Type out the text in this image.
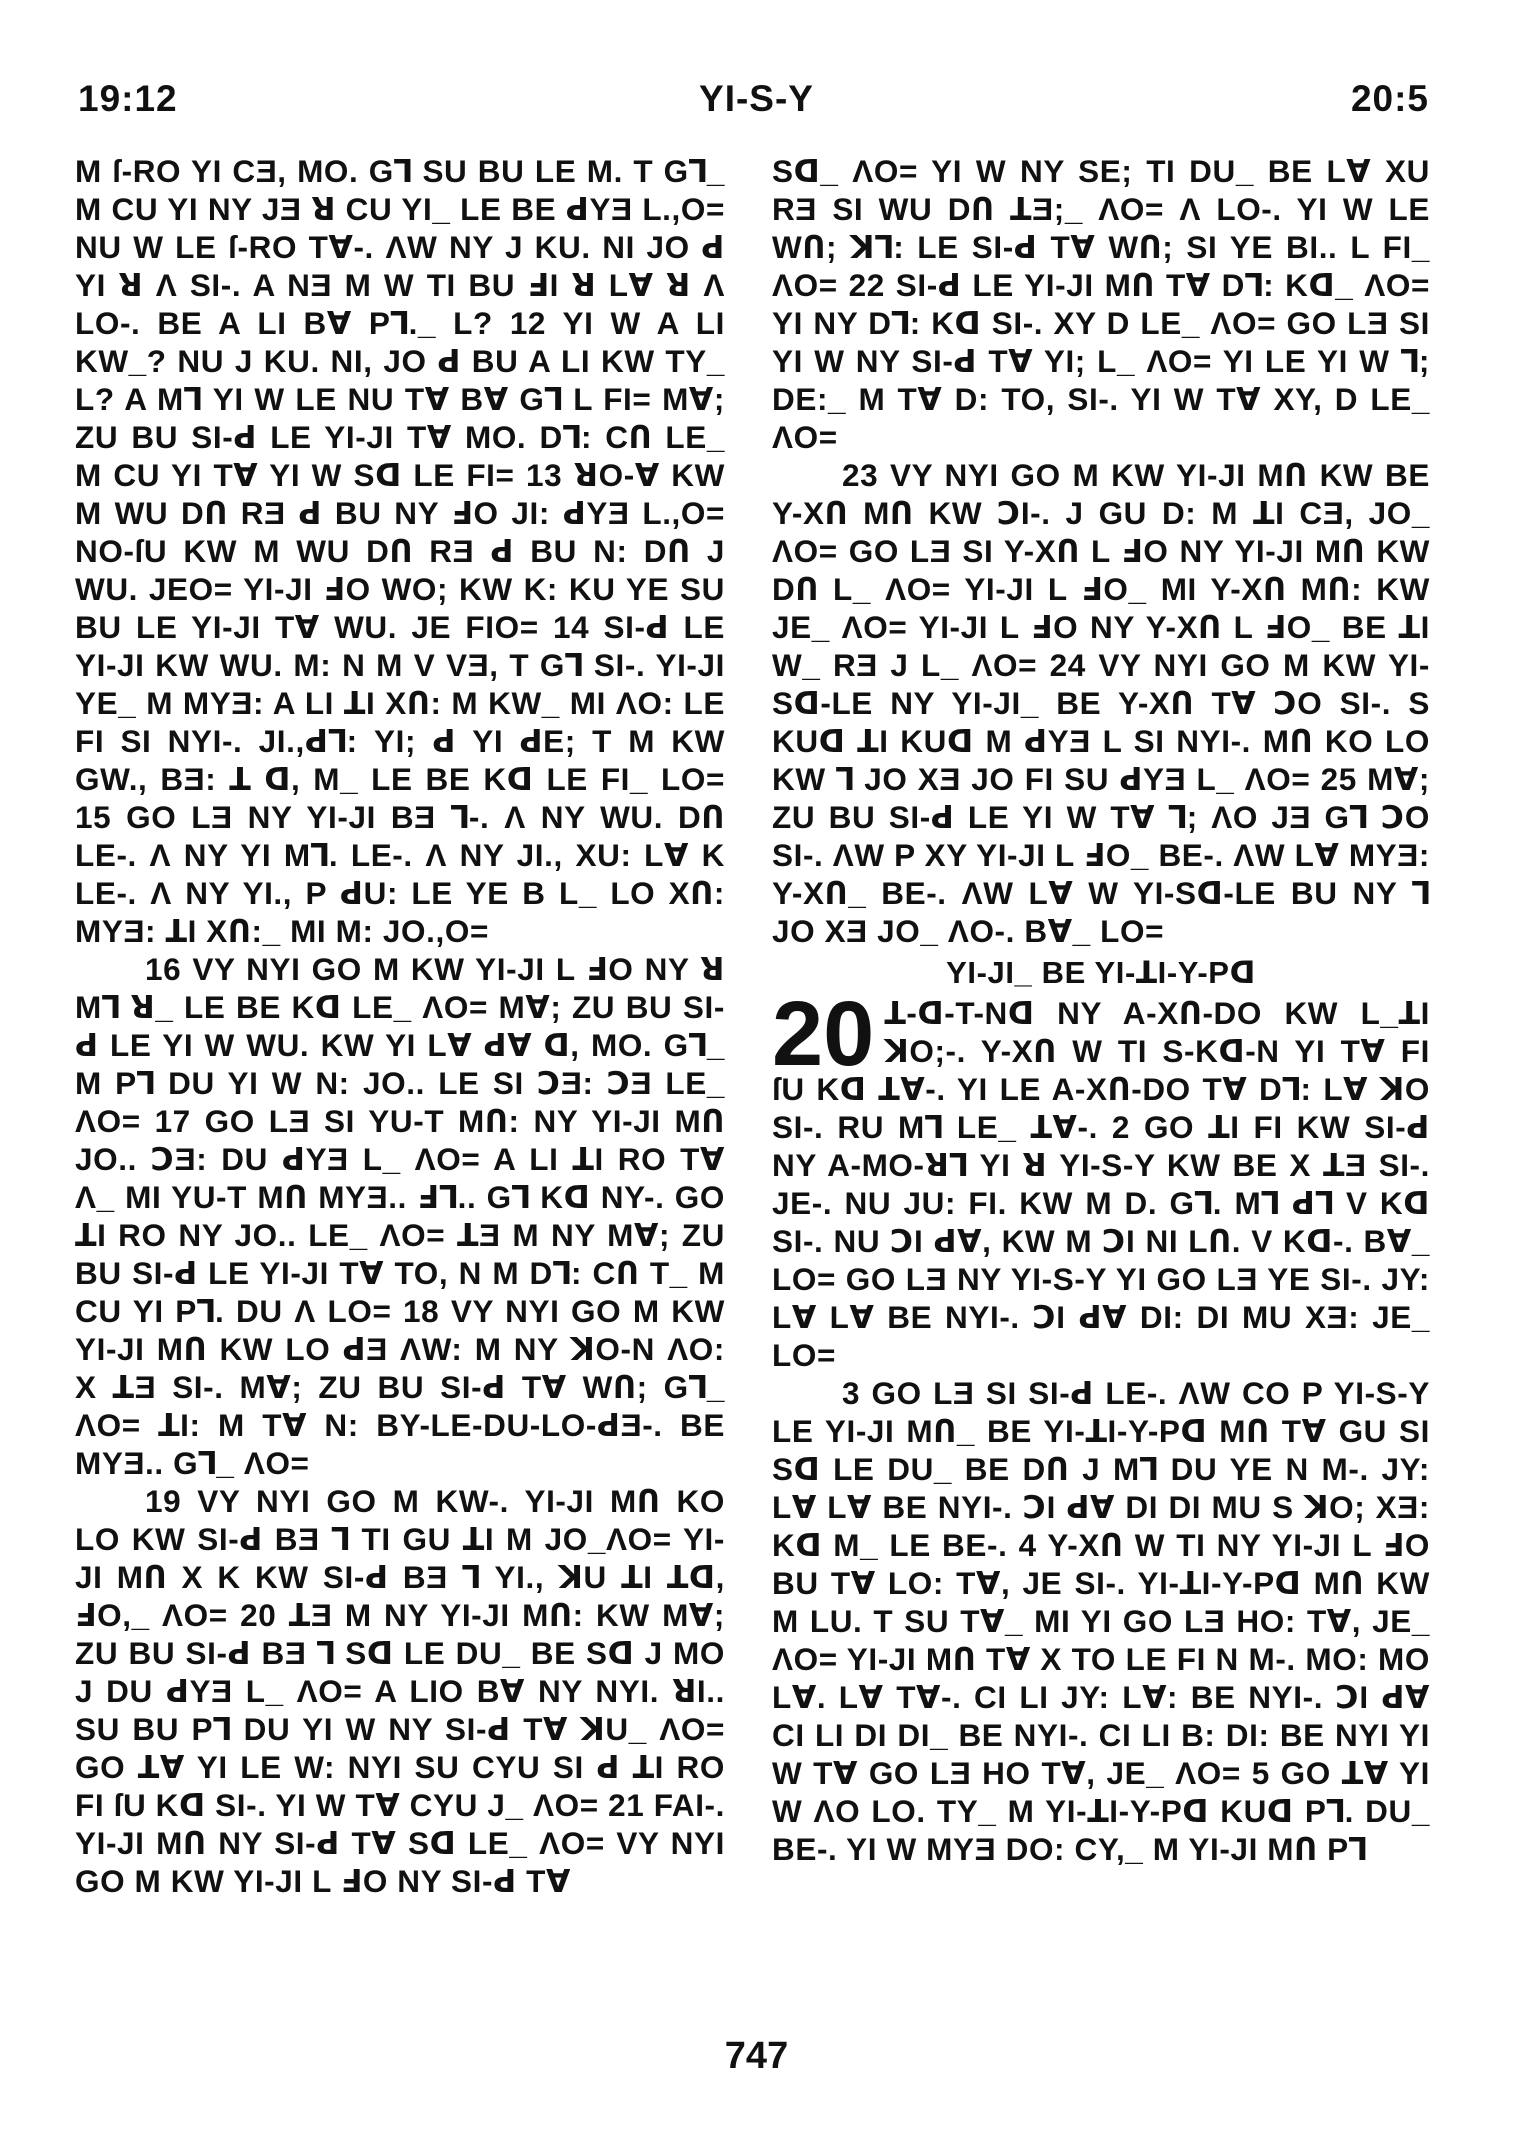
19:12	YI-S-Y	20:5

M ſ-RO YI CƎ, MO. Gꓶ SU BU LE M. T Gꓶ_ M CU YI NY JƎ ꓤ CU YI_ LE BE ꓒYƎ L.,O= NU W LE ſ-RO TⱯ-. ɅW NY J KU. NI JO ꓒ YI ꓤ Ʌ SI-. A NƎ M W TI BU ꓞI ꓤ LⱯ ꓤ Ʌ LO-. BE A LI BⱯ Pꓶ._ L? 12 YI W A LI KW_? NU J KU. NI, JO ꓒ BU A LI KW TY_ L? A Mꓶ YI W LE NU TⱯ BⱯ Gꓶ L FI= MⱯ; ZU BU SI-ꓒ LE YI-JI TⱯ MO. Dꓶ: CՈ LE_ M CU YI TⱯ YI W Sꓷ LE FI= 13 ꓤO-Ɐ KW M WU DՈ RƎ ꓒ BU NY ꓞO JI: ꓒYƎ L.,O= NO-ſU KW M WU DՈ RƎ ꓒ BU N: DՈ J WU. JEO= YI-JI ꓞO WO; KW K: KU YE SU BU LE YI-JI TⱯ WU. JE FIO= 14 SI-ꓒ LE YI-JI KW WU. M: N M V VƎ, T Gꓶ SI-. YI-JI YE_ M MYƎ: A LI ꓕI XՈ: M KW_ MI ɅO: LE FI SI NYI-. JI.,ꓒꓶ: YI; ꓒ YI ꓒE; T M KW GW., BƎ: ꓕ ꓷ, M_ LE BE Kꓷ LE FI_ LO= 15 GO LƎ NY YI-JI BƎ ꓶ-. Ʌ NY WU. DՈ LE-. Ʌ NY YI Mꓶ. LE-. Ʌ NY JI., XU: LⱯ K LE-. Ʌ NY YI., P ꓒU: LE YE B L_ LO XՈ: MYƎ: ꓕI XՈ:_ MI M: JO.,O=

16 VY NYI GO M KW YI-JI L ꓞO NY ꓤ Mꓶ ꓤ_ LE BE Kꓷ LE_ ɅO= MⱯ; ZU BU SI-ꓒ LE YI W WU. KW YI LⱯ ꓒⱯ ꓷ, MO. Gꓶ_ M Pꓶ DU YI W N: JO.. LE SI ꓛƎ: ꓛƎ LE_ ɅO= 17 GO LƎ SI YU-T MՈ: NY YI-JI MՈ JO.. ꓛƎ: DU ꓒYƎ L_ ɅO= A LI ꓕI RO TⱯ Ʌ_ MI YU-T MՈ MYƎ.. ꓞꓶ.. Gꓶ Kꓷ NY-. GO ꓕI RO NY JO.. LE_ ɅO= ꓕƎ M NY MⱯ; ZU BU SI-ꓒ LE YI-JI TⱯ TO, N M Dꓶ: CՈ T_ M CU YI Pꓶ. DU Ʌ LO= 18 VY NYI GO M KW YI-JI MՈ KW LO ꓒƎ ɅW: M NY ꓘO-N ɅO: X ꓕƎ SI-. MⱯ; ZU BU SI-ꓒ TⱯ WՈ; Gꓶ_ ɅO= ꓕI: M TⱯ N: BY-LE-DU-LO-ꓒƎ-. BE MYƎ.. Gꓶ_ ɅO=

19 VY NYI GO M KW-. YI-JI MՈ KO LO KW SI-ꓒ BƎ ꓶ TI GU ꓕI M JO_ɅO= YI-JI MՈ X K KW SI-ꓒ BƎ ꓶ YI., ꓘU ꓕI ꓕꓷ, ꓞO,_ ɅO= 20 ꓕƎ M NY YI-JI MՈ: KW MⱯ; ZU BU SI-ꓒ BƎ ꓶ Sꓷ LE DU_ BE Sꓷ J MO J DU ꓒYƎ L_ ɅO= A LIO BⱯ NY NYI. ꓤI.. SU BU Pꓶ DU YI W NY SI-ꓒ TⱯ ꓘU_ ɅO= GO ꓕⱯ YI LE W: NYI SU CYU SI ꓒ ꓕI RO FI ſU Kꓷ SI-. YI W TⱯ CYU J_ ɅO= 21 FAI-. YI-JI MՈ NY SI-ꓒ TⱯ Sꓷ LE_ ɅO= VY NYI GO M KW YI-JI L ꓞO NY SI-ꓒ TⱯ

Sꓷ_ ɅO= YI W NY SE; TI DU_ BE LⱯ XU RƎ SI WU DՈ ꓕƎ;_ ɅO= Ʌ LO-. YI W LE WՈ; ꓘꓶ: LE SI-ꓒ TⱯ WՈ; SI YE BI.. L FI_ ɅO= 22 SI-ꓒ LE YI-JI MՈ TⱯ Dꓶ: Kꓷ_ ɅO= YI NY Dꓶ: Kꓷ SI-. XY D LE_ ɅO= GO LƎ SI YI W NY SI-ꓒ TⱯ YI; L_ ɅO= YI LE YI W ꓶ; DE:_ M TⱯ D: TO, SI-. YI W TⱯ XY, D LE_ ɅO=

23 VY NYI GO M KW YI-JI MՈ KW BE Y-XՈ MՈ KW ꓛI-. J GU D: M ꓕI CƎ, JO_ ɅO= GO LƎ SI Y-XՈ L ꓞO NY YI-JI MՈ KW DՈ L_ ɅO= YI-JI L ꓞO_ MI Y-XՈ MՈ: KW JE_ ɅO= YI-JI L ꓞO NY Y-XՈ L ꓞO_ BE ꓕI W_ RƎ J L_ ɅO= 24 VY NYI GO M KW YI-Sꓷ-LE NY YI-JI_ BE Y-XՈ TⱯ ꓛO SI-. S KUꓷ ꓕI KUꓷ M ꓒYƎ L SI NYI-. MՈ KO LO KW ꓶ JO XƎ JO FI SU ꓒYƎ L_ ɅO= 25 MⱯ; ZU BU SI-ꓒ LE YI W TⱯ ꓶ; ɅO JƎ Gꓶ ꓛO SI-. ɅW P XY YI-JI L ꓞO_ BE-. ɅW LⱯ MYƎ: Y-XՈ_ BE-. ɅW LⱯ W YI-Sꓷ-LE BU NY ꓶ JO XƎ JO_ ɅO-. BⱯ_ LO=

YI-JI_ BE YI-ꓕI-Y-Pꓷ

20 ꓕ-ꓷ-T-Nꓷ NY A-XՈ-DO KW L_ꓕI ꓘO;-. Y-XՈ W TI S-Kꓷ-N YI TⱯ FI ſU Kꓷ ꓕⱯ-. YI LE A-XՈ-DO TⱯ Dꓶ: LⱯ ꓘO SI-. RU Mꓶ LE_ ꓕⱯ-. 2 GO ꓕI FI KW SI-ꓒ NY A-MO-ꓤꓶ YI ꓤ YI-S-Y KW BE X ꓕƎ SI-. JE-. NU JU: FI. KW M D. Gꓶ. Mꓶ ꓒꓶ V Kꓷ SI-. NU ꓛI ꓒⱯ, KW M ꓛI NI LՈ. V Kꓷ-. BⱯ_ LO= GO LƎ NY YI-S-Y YI GO LƎ YE SI-. JY: LⱯ LⱯ BE NYI-. ꓛI ꓒⱯ DI: DI MU XƎ: JE_ LO=

3 GO LƎ SI SI-ꓒ LE-. ɅW CO P YI-S-Y LE YI-JI MՈ_ BE YI-ꓕI-Y-Pꓷ MՈ TⱯ GU SI Sꓷ LE DU_ BE DՈ J Mꓶ DU YE N M-. JY: LⱯ LⱯ BE NYI-. ꓛI ꓒⱯ DI DI MU S ꓘO; XƎ: Kꓷ M_ LE BE-. 4 Y-XՈ W TI NY YI-JI L ꓞO BU TⱯ LO: TⱯ, JE SI-. YI-ꓕI-Y-Pꓷ MՈ KW M LU. T SU TⱯ_ MI YI GO LƎ HO: TⱯ, JE_ ɅO= YI-JI MՈ TⱯ X TO LE FI N M-. MO: MO LⱯ. LⱯ TⱯ-. CI LI JY: LⱯ: BE NYI-. ꓛI ꓒⱯ CI LI DI DI_ BE NYI-. CI LI B: DI: BE NYI YI W TⱯ GO LƎ HO TⱯ, JE_ ɅO= 5 GO ꓕⱯ YI W ɅO LO. TY_ M YI-ꓕI-Y-Pꓷ KUꓷ Pꓶ. DU_ BE-. YI W MYƎ DO: CY,_ M YI-JI MՈ Pꓶ

747
